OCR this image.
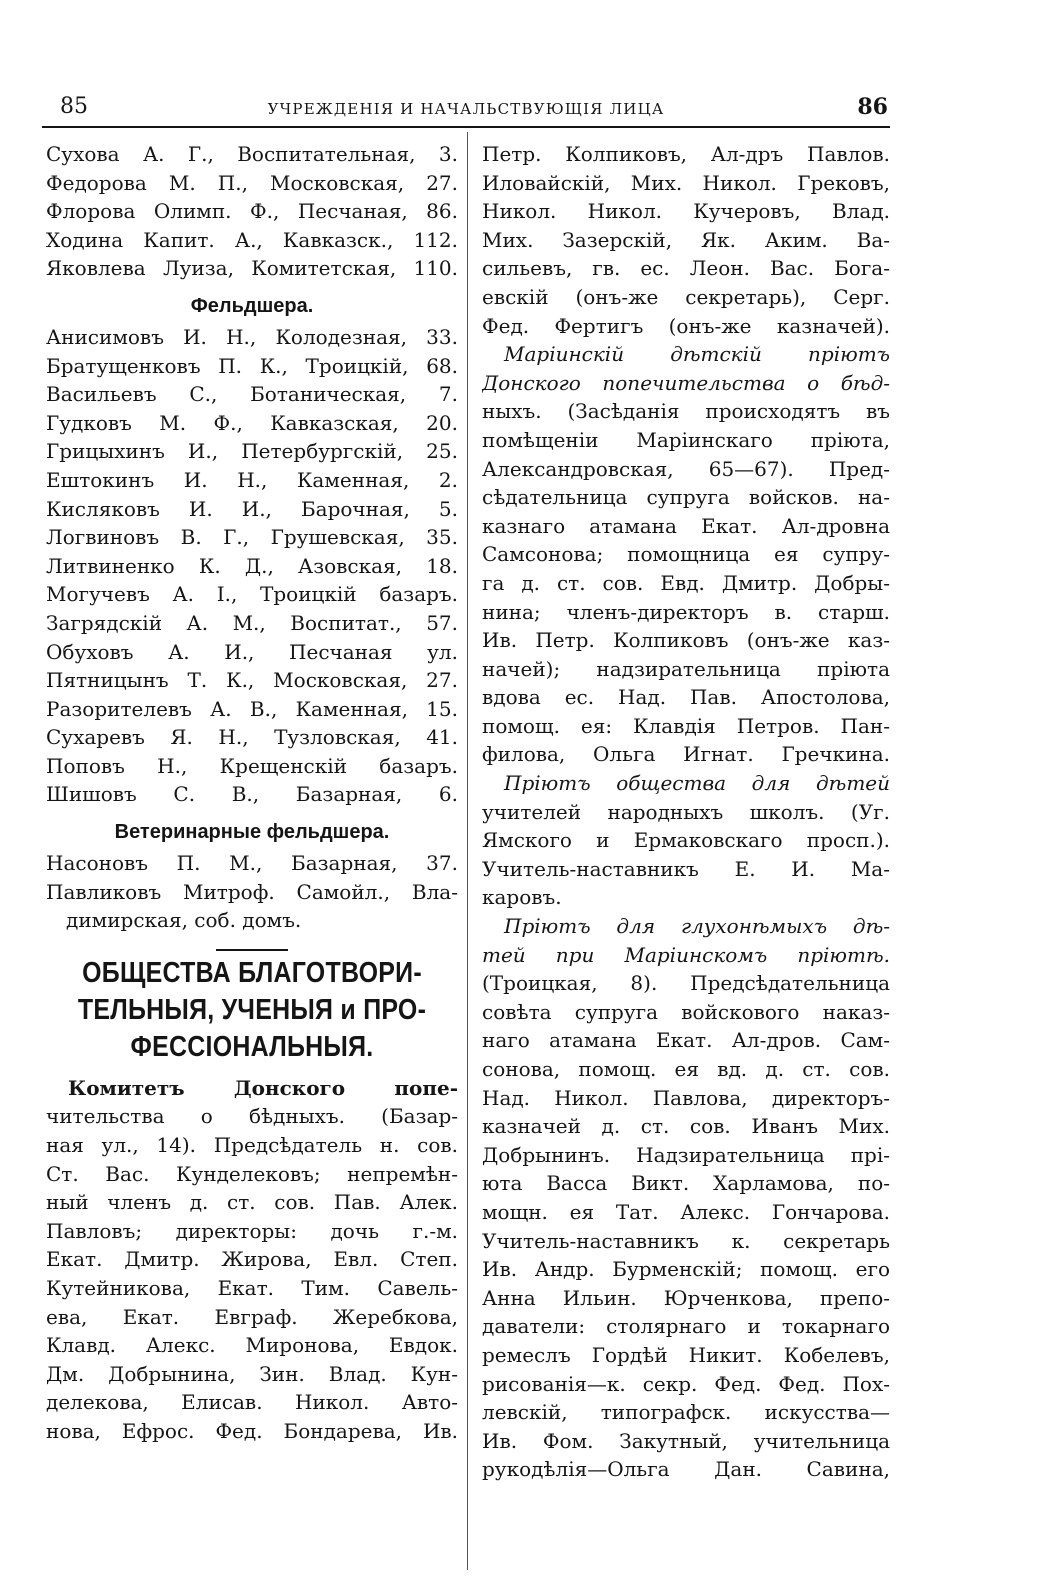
85	УЧРЕЖДЕНІЯ И НАЧАЛЬСТВУЮЩІЯ ЛИЦА	86
Сухова А. Г., Воспитательная, 3.
Федорова М. П., Московская, 27.
Флорова Олимп. Ф., Песчаная, 86.
Ходина Капит. А., Кавказск., 112.
Яковлева Луиза, Комитетская, 110.
Фельдшера.
Анисимовъ И. Н., Колодезная, 33.
Братущенковъ П. К., Троицкій, 68.
Васильевъ С., Ботаническая, 7.
Гудковъ М. Ф., Кавказская, 20.
Грицыхинъ И., Петербургскій, 25.
Ештокинъ И. Н., Каменная, 2.
Кисляковъ И. И., Барочная, 5.
Логвиновъ В. Г., Грушевская, 35.
Литвиненко К. Д., Азовская, 18.
Могучевъ А. І., Троицкій базаръ.
Загрядскій А. М., Воспитат., 57.
Обуховъ А. И., Песчаная ул.
Пятницынъ Т. К., Московская, 27.
Разорителевъ А. В., Каменная, 15.
Сухаревъ Я. Н., Тузловская, 41.
Поповъ Н., Крещенскій базаръ.
Шишовъ С. В., Базарная, 6.
Ветеринарные фельдшера.
Насоновъ П. М., Базарная, 37.
Павликовъ Митроф. Самойл., Вла-
димирская, соб. домъ.
ОБЩЕСТВА БЛАГОТВОРИ-
ТЕЛЬНЫЯ, УЧЕНЫЯ и ПРО-
ФЕССІОНАЛЬНЫЯ.
Комитетъ Донского попе-
чительства о бѣдныхъ. (Базар-
ная ул., 14). Предсѣдатель н. сов.
Ст. Вас. Кунделековъ; непремѣн-
ный членъ д. ст. сов. Пав. Алек.
Павловъ; директоры: дочь г.-м.
Екат. Дмитр. Жирова, Евл. Степ.
Кутейникова, Екат. Тим. Савель-
ева, Екат. Евграф. Жеребкова,
Клавд. Алекс. Миронова, Евдок.
Дм. Добрынина, Зин. Влад. Кун-
делекова, Елисав. Никол. Авто-
нова, Ефрос. Фед. Бондарева, Ив.
Петр. Колпиковъ, Ал-дръ Павлов.
Иловайскій, Мих. Никол. Грековъ,
Никол. Никол. Кучеровъ, Влад.
Мих. Зазерскій, Як. Аким. Ва-
сильевъ, гв. ес. Леон. Вас. Бога-
евскій (онъ-же секретарь), Серг.
Фед. Фертигъ (онъ-же казначей).
Маріинскій дѣтскій пріютъ
Донского попечительства о бѣд-
ныхъ. (Засѣданія происходятъ въ
помѣщеніи Маріинскаго пріюта,
Александровская, 65—67). Пред-
сѣдательница супруга войсков. на-
казнаго атамана Екат. Ал-дровна
Самсонова; помощница ея супру-
га д. ст. сов. Евд. Дмитр. Добры-
нина; членъ-директоръ в. старш.
Ив. Петр. Колпиковъ (онъ-же каз-
начей); надзирательница пріюта
вдова ес. Над. Пав. Апостолова,
помощ. ея: Клавдія Петров. Пан-
филова, Ольга Игнат. Гречкина.
Пріютъ общества для дѣтей
учителей народныхъ школъ. (Уг.
Ямского и Ермаковскаго просп.).
Учитель-наставникъ Е. И. Ма-
каровъ.
Пріютъ для глухонѣмыхъ дѣ-
тей при Маріинскомъ пріютѣ.
(Троицкая, 8). Предсѣдательница
совѣта супруга войскового наказ-
наго атамана Екат. Ал-дров. Сам-
сонова, помощ. ея вд. д. ст. сов.
Над. Никол. Павлова, директоръ-
казначей д. ст. сов. Иванъ Мих.
Добрынинъ. Надзирательница прі-
юта Васса Викт. Харламова, по-
мощн. ея Тат. Алекс. Гончарова.
Учитель-наставникъ к. секретарь
Ив. Андр. Бурменскій; помощ. его
Анна Ильин. Юрченкова, препо-
даватели: столярнаго и токарнаго
ремеслъ Гордѣй Никит. Кобелевъ,
рисованія—к. секр. Фед. Фед. Пох-
левскій, типографск. искусства—
Ив. Фом. Закутный, учительница
рукодѣлія—Ольга Дан. Савина,
